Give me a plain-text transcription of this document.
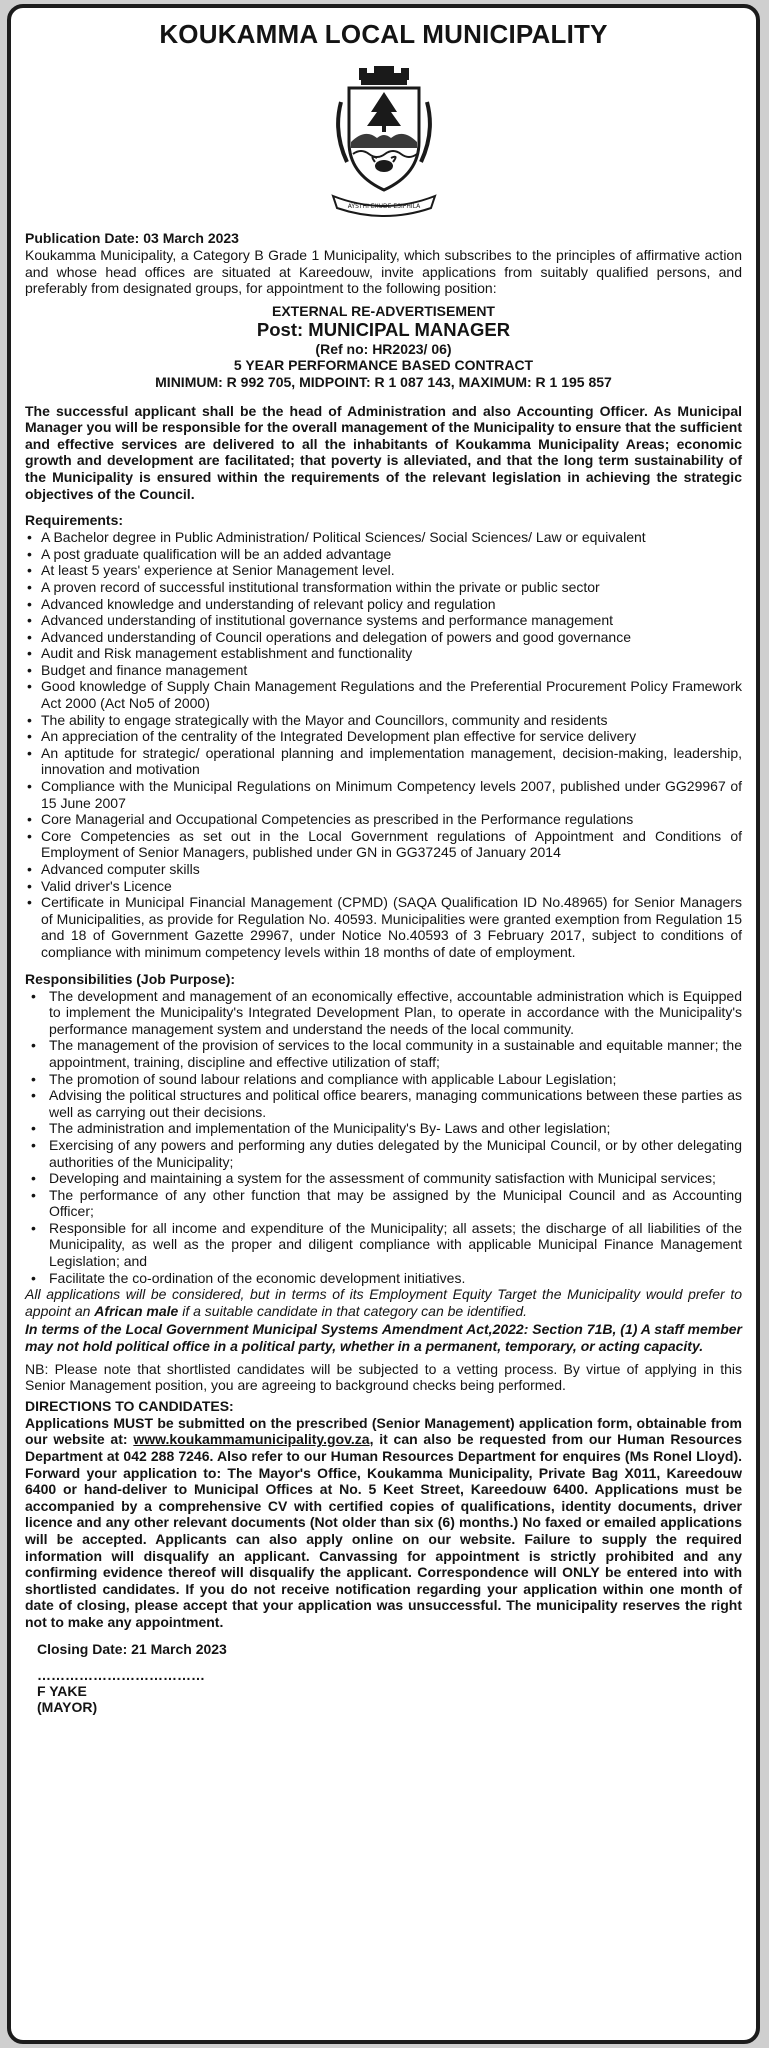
KOUKAMMA LOCAL MUNICIPALITY
AYSTHI EXUDE ESIPHILA
Publication Date: 03 March 2023

Koukamma Municipality, a Category B Grade 1 Municipality, which subscribes to the principles of affirmative action and whose head offices are situated at Kareedouw, invite applications from suitably qualified persons, and preferably from designated groups, for appointment to the following position:

EXTERNAL RE-ADVERTISEMENT
Post: MUNICIPAL MANAGER

(Ref no: HR2023/ 06)

5 YEAR PERFORMANCE BASED CONTRACT

MINIMUM: R 992 705, MIDPOINT: R 1 087 143, MAXIMUM: R 1 195 857

The successful applicant shall be the head of Administration and also Accounting Officer. As Municipal Manager you will be responsible for the overall management of the Municipality to ensure that the sufficient and effective services are delivered to all the inhabitants of Koukamma Municipality Areas; economic growth and development are facilitated; that poverty is alleviated, and that the long term sustainability of the Municipality is ensured within the requirements of the relevant legislation in achieving the strategic objectives of the Council.

Requirements:
• A Bachelor degree in Public Administration/ Political Sciences/ Social Sciences/ Law or equivalent
• A post graduate qualification will be an added advantage
• At least 5 years' experience at Senior Management level.
• A proven record of successful institutional transformation within the private or public sector
• Advanced knowledge and understanding of relevant policy and regulation
• Advanced understanding of institutional governance systems and performance management
• Advanced understanding of Council operations and delegation of powers and good governance
• Audit and Risk management establishment and functionality
• Budget and finance management
• Good knowledge of Supply Chain Management Regulations and the Preferential Procurement Policy Framework Act 2000 (Act No5 of 2000)
• The ability to engage strategically with the Mayor and Councillors, community and residents
• An appreciation of the centrality of the Integrated Development plan effective for service delivery
• An aptitude for strategic/ operational planning and implementation management, decision-making, leadership, innovation and motivation
• Compliance with the Municipal Regulations on Minimum Competency levels 2007, published under GG29967 of 15 June 2007
• Core Managerial and Occupational Competencies as prescribed in the Performance regulations
• Core Competencies as set out in the Local Government regulations of Appointment and Conditions of Employment of Senior Managers, published under GN in GG37245 of January 2014
• Advanced computer skills
• Valid driver's Licence
• Certificate in Municipal Financial Management (CPMD) (SAQA Qualification ID No.48965) for Senior Managers of Municipalities, as provide for Regulation No. 40593. Municipalities were granted exemption from Regulation 15 and 18 of Government Gazette 29967, under Notice No.40593 of 3 February 2017, subject to conditions of compliance with minimum competency levels within 18 months of date of employment.
Responsibilities (Job Purpose):
• The development and management of an economically effective, accountable administration which is Equipped to implement the Municipality's Integrated Development Plan, to operate in accordance with the Municipality's performance management system and understand the needs of the local community.
• The management of the provision of services to the local community in a sustainable and equitable manner; the appointment, training, discipline and effective utilization of staff;
• The promotion of sound labour relations and compliance with applicable Labour Legislation;
• Advising the political structures and political office bearers, managing communications between these parties as well as carrying out their decisions.
• The administration and implementation of the Municipality's By- Laws and other legislation;
• Exercising of any powers and performing any duties delegated by the Municipal Council, or by other delegating authorities of the Municipality;
• Developing and maintaining a system for the assessment of community satisfaction with Municipal services;
• The performance of any other function that may be assigned by the Municipal Council and as Accounting Officer;
• Responsible for all income and expenditure of the Municipality; all assets; the discharge of all liabilities of the Municipality, as well as the proper and diligent compliance with applicable Municipal Finance Management Legislation; and
• Facilitate the co-ordination of the economic development initiatives.

All applications will be considered, but in terms of its Employment Equity Target the Municipality would prefer to appoint an African male if a suitable candidate in that category can be identified.

In terms of the Local Government Municipal Systems Amendment Act,2022: Section 71B, (1) A staff member may not hold political office in a political party, whether in a permanent, temporary, or acting capacity.

NB: Please note that shortlisted candidates will be subjected to a vetting process. By virtue of applying in this Senior Management position, you are agreeing to background checks being performed.

DIRECTIONS TO CANDIDATES:

Applications MUST be submitted on the prescribed (Senior Management) application form, obtainable from our website at: www.koukammamunicipality.gov.za, it can also be requested from our Human Resources Department at 042 288 7246. Also refer to our Human Resources Department for enquires (Ms Ronel Lloyd). Forward your application to: The Mayor's Office, Koukamma Municipality, Private Bag X011, Kareedouw 6400 or hand-deliver to Municipal Offices at No. 5 Keet Street, Kareedouw 6400. Applications must be accompanied by a comprehensive CV with certified copies of qualifications, identity documents, driver licence and any other relevant documents (Not older than six (6) months.) No faxed or emailed applications will be accepted. Applicants can also apply online on our website. Failure to supply the required information will disqualify an applicant. Canvassing for appointment is strictly prohibited and any confirming evidence thereof will disqualify the applicant. Correspondence will ONLY be entered into with shortlisted candidates. If you do not receive notification regarding your application within one month of date of closing, please accept that your application was unsuccessful. The municipality reserves the right not to make any appointment.

Closing Date: 21 March 2023
………………………………
F YAKE
(MAYOR)
